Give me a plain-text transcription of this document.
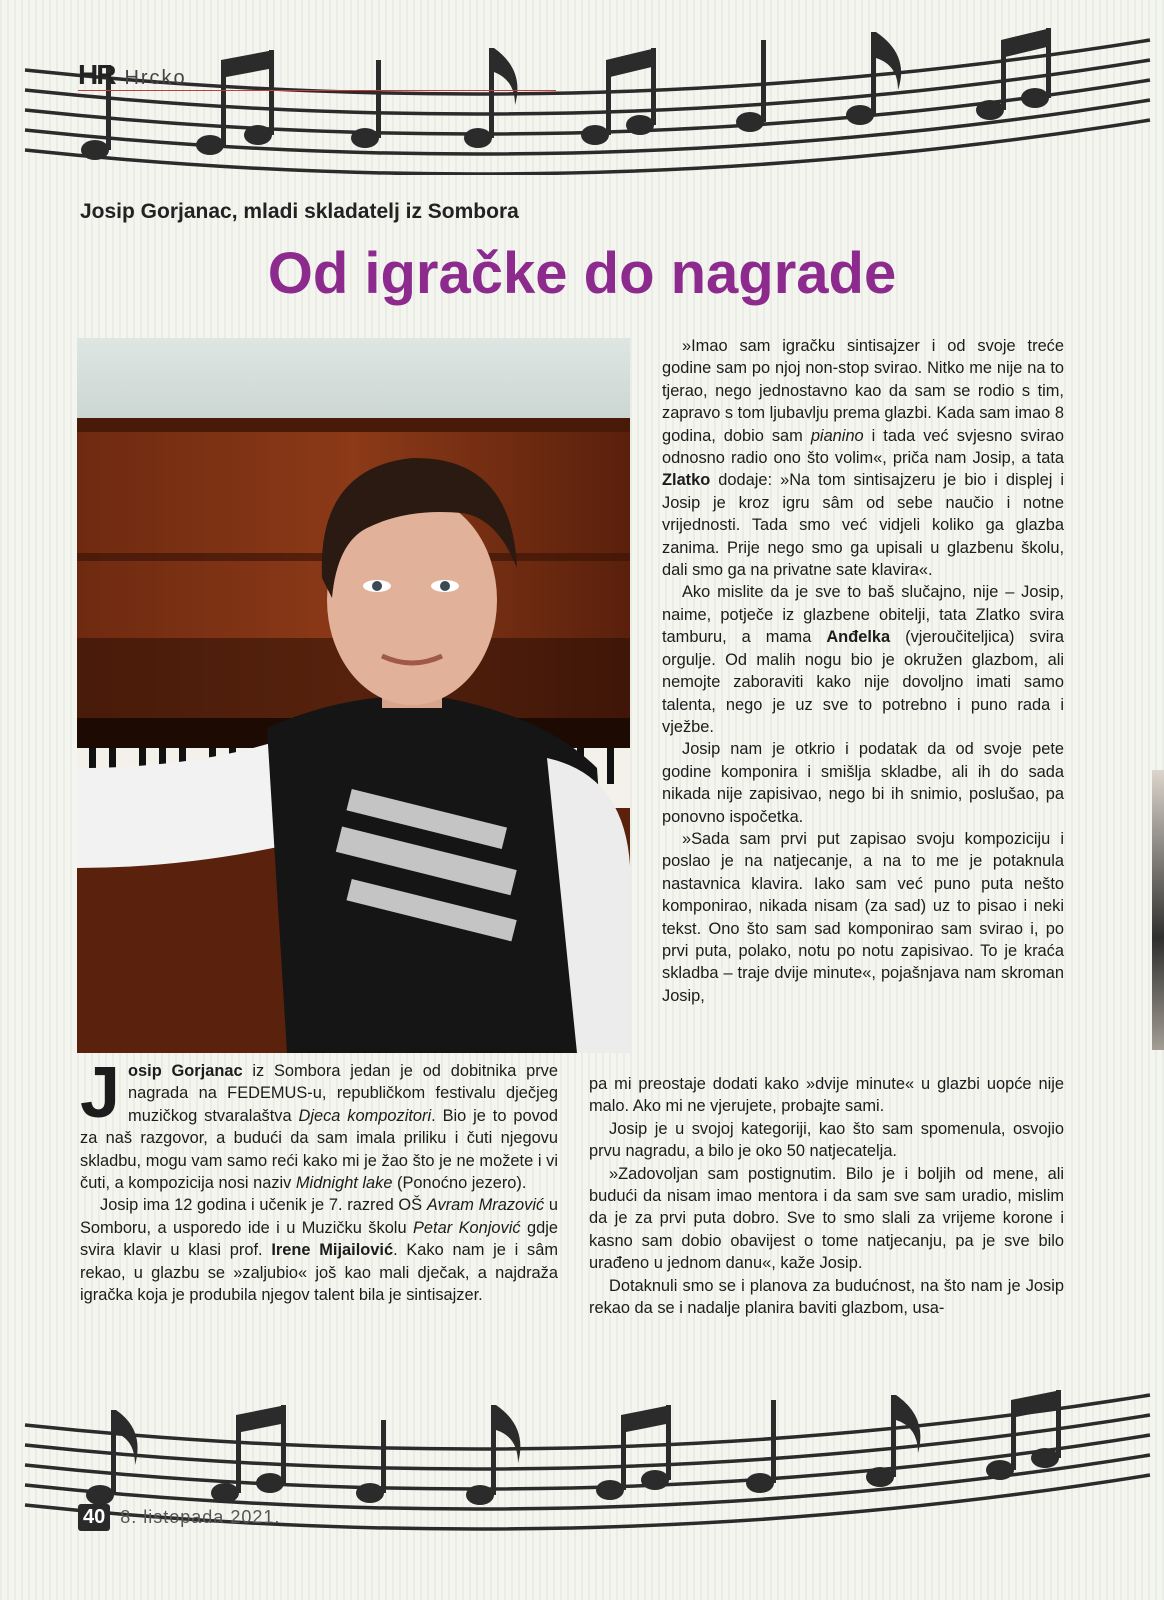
HR Hrcko
Josip Gorjanac, mladi skladatelj iz Sombora
Od igračke do nagrade

Josip Gorjanac iz Sombora jedan je od dobitnika prve nagrada na FEDEMUS-u, republičkom festivalu dječjeg muzičkog stvaralaštva Djeca kompozitori. Bio je to povod za naš razgovor, a budući da sam imala priliku i čuti njegovu skladbu, mogu vam samo reći kako mi je žao što je ne možete i vi čuti, a kompozicija nosi naziv Midnight lake (Ponoćno jezero).

Josip ima 12 godina i učenik je 7. razred OŠ Avram Mrazović u Somboru, a usporedo ide i u Muzičku školu Petar Konjović gdje svira klavir u klasi prof. Irene Mijailović. Kako nam je i sâm rekao, u glazbu se »zaljubio« još kao mali dječak, a najdraža igračka koja je produbila njegov talent bila je sintisajzer.

»Imao sam igračku sintisajzer i od svoje treće godine sam po njoj non-stop svirao. Nitko me nije na to tjerao, nego jednostavno kao da sam se rodio s tim, zapravo s tom ljubavlju prema glazbi. Kada sam imao 8 godina, dobio sam pianino i tada već svjesno svirao odnosno radio ono što volim«, priča nam Josip, a tata Zlatko dodaje: »Na tom sintisajzeru je bio i displej i Josip je kroz igru sâm od sebe naučio i notne vrijednosti. Tada smo već vidjeli koliko ga glazba zanima. Prije nego smo ga upisali u glazbenu školu, dali smo ga na privatne sate klavira«.

Ako mislite da je sve to baš slučajno, nije – Josip, naime, potječe iz glazbene obitelji, tata Zlatko svira tamburu, a mama Anđelka (vjeroučiteljica) svira orgulje. Od malih nogu bio je okružen glazbom, ali nemojte zaboraviti kako nije dovoljno imati samo talenta, nego je uz sve to potrebno i puno rada i vježbe.

Josip nam je otkrio i podatak da od svoje pete godine komponira i smišlja skladbe, ali ih do sada nikada nije zapisivao, nego bi ih snimio, poslušao, pa ponovno ispočetka.

»Sada sam prvi put zapisao svoju kompoziciju i poslao je na natjecanje, a na to me je potaknula nastavnica klavira. Iako sam već puno puta nešto komponirao, nikada nisam (za sad) uz to pisao i neki tekst. Ono što sam sad komponirao sam svirao i, po prvi puta, polako, notu po notu zapisivao. To je kraća skladba – traje dvije minute«, pojašnjava nam skroman Josip,

pa mi preostaje dodati kako »dvije minute« u glazbi uopće nije malo. Ako mi ne vjerujete, probajte sami.

Josip je u svojoj kategoriji, kao što sam spomenula, osvojio prvu nagradu, a bilo je oko 50 natjecatelja.

»Zadovoljan sam postignutim. Bilo je i boljih od mene, ali budući da nisam imao mentora i da sam sve sam uradio, mislim da je za prvi puta dobro. Sve to smo slali za vrijeme korone i kasno sam dobio obavijest o tome natjecanju, pa je sve bilo urađeno u jednom danu«, kaže Josip.

Dotaknuli smo se i planova za budućnost, na što nam je Josip rekao da se i nadalje planira baviti glazbom, usa-

40 8. listopada 2021.
